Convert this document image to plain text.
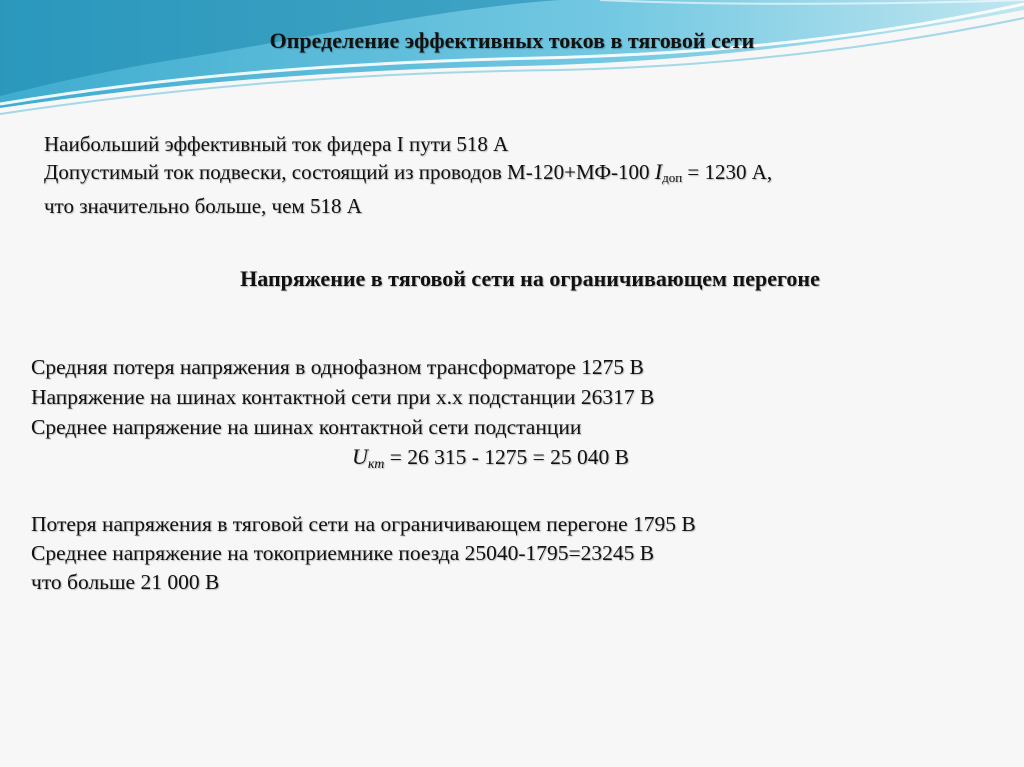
Определение эффективных токов в тяговой сети
Наибольший эффективный ток фидера I пути 518 А
Допустимый ток подвески, состоящий из проводов М-120+МФ-100 $I_{доп} = 1230$ А,
что значительно больше, чем 518 А
Напряжение в тяговой сети на ограничивающем перегоне
Средняя потеря напряжения в однофазном трансформаторе 1275 В
Напряжение на шинах контактной сети при х.х подстанции 26317 В
Среднее напряжение на шинах контактной сети подстанции
$U_{кт} = 26$ 315 - 1275 = 25 040 В
Потеря напряжения в тяговой сети на ограничивающем перегоне 1795 В
Среднее напряжение на токоприемнике поезда 25040-1795=23245 В
что больше 21 000 В
